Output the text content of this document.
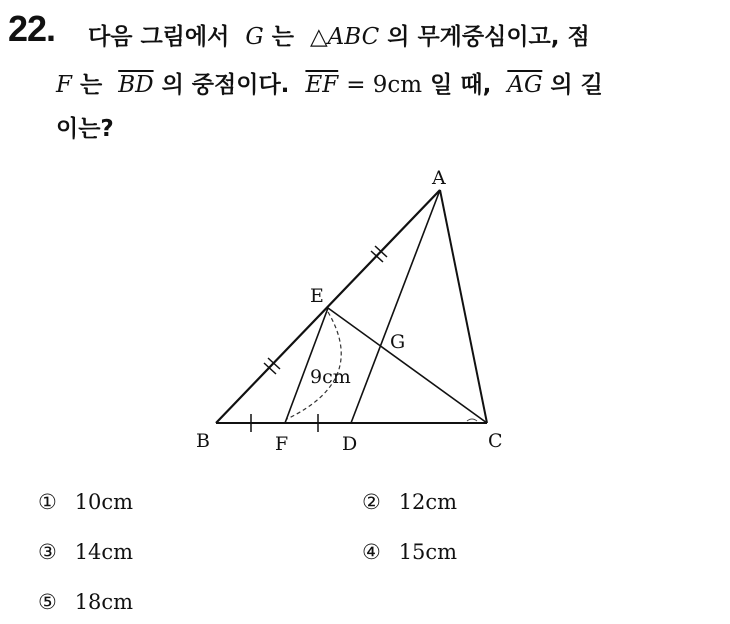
22. 다음 그림에서 G 는 △ABC 의 무게중심이고, 점
F 는 $\overline{BD}$ 의 중점이다. $\overline{EF} = 9cm$ 일 때, $\overline{AG}$ 의 길
이는?
A
B	C
D
E
F
G
9cm
① 10cm	② 12cm
③ 14cm	④ 15cm
⑤ 18cm
